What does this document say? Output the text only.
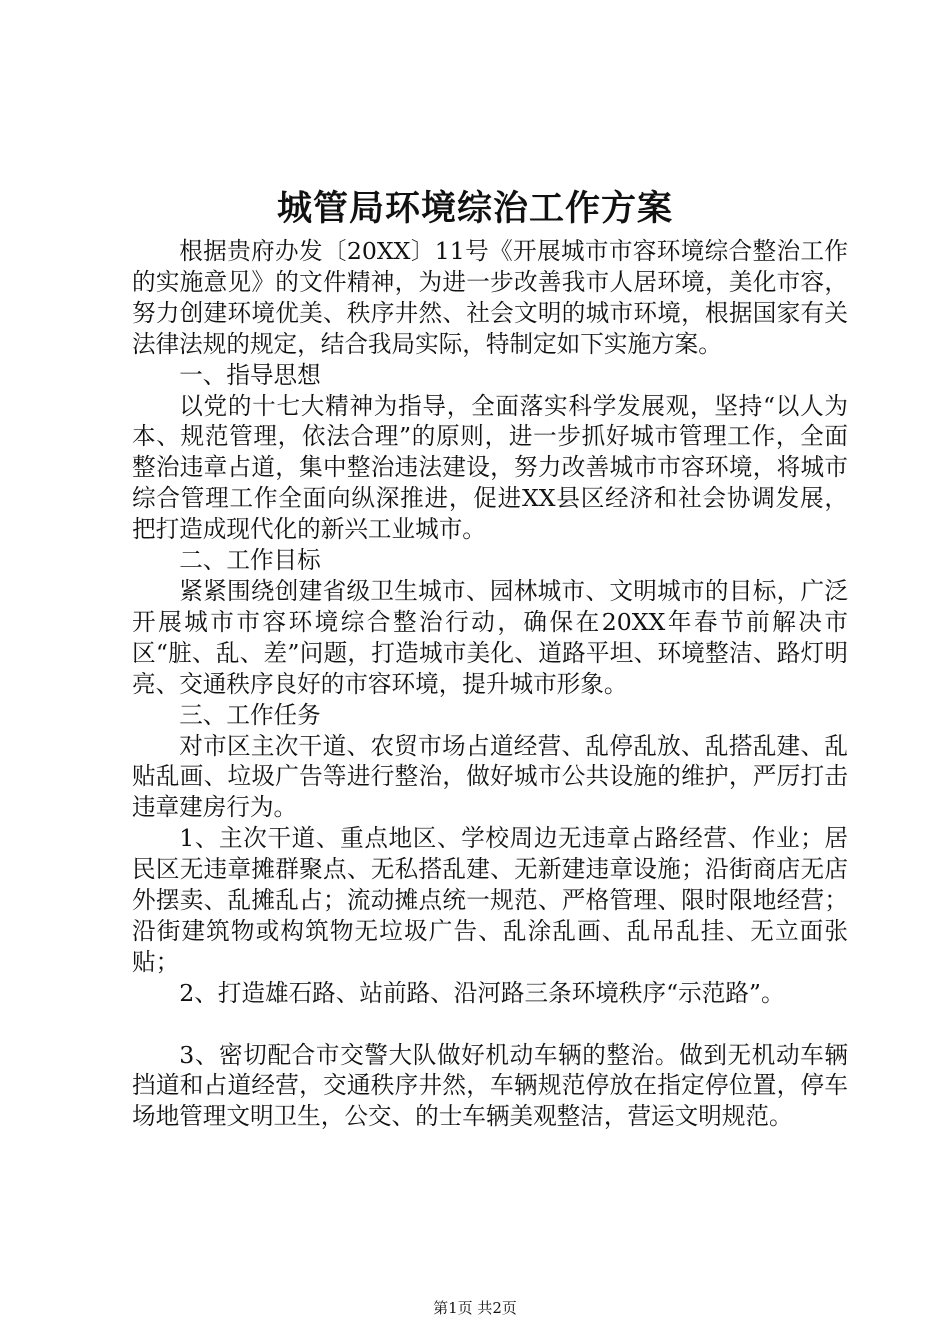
城管局环境综治工作方案

根据贵府办发〔20XX〕11号《开展城市市容环境综合整治工作的实施意见》的文件精神，为进一步改善我市人居环境，美化市容，努力创建环境优美、秩序井然、社会文明的城市环境，根据国家有关法律法规的规定，结合我局实际，特制定如下实施方案。

一、指导思想

以党的十七大精神为指导，全面落实科学发展观，坚持“以人为本、规范管理，依法合理”的原则，进一步抓好城市管理工作，全面整治违章占道，集中整治违法建设，努力改善城市市容环境，将城市综合管理工作全面向纵深推进，促进XX县区经济和社会协调发展，把打造成现代化的新兴工业城市。

二、工作目标

紧紧围绕创建省级卫生城市、园林城市、文明城市的目标，广泛开展城市市容环境综合整治行动，确保在20XX年春节前解决市区“脏、乱、差”问题，打造城市美化、道路平坦、环境整洁、路灯明亮、交通秩序良好的市容环境，提升城市形象。

三、工作任务

对市区主次干道、农贸市场占道经营、乱停乱放、乱搭乱建、乱贴乱画、垃圾广告等进行整治，做好城市公共设施的维护，严厉打击违章建房行为。

1、主次干道、重点地区、学校周边无违章占路经营、作业；居民区无违章摊群聚点、无私搭乱建、无新建违章设施；沿街商店无店外摆卖、乱摊乱占；流动摊点统一规范、严格管理、限时限地经营；沿街建筑物或构筑物无垃圾广告、乱涂乱画、乱吊乱挂、无立面张贴；

2、打造雄石路、站前路、沿河路三条环境秩序“示范路”。

3、密切配合市交警大队做好机动车辆的整治。做到无机动车辆挡道和占道经营，交通秩序井然，车辆规范停放在指定停位置，停车场地管理文明卫生，公交、的士车辆美观整洁，营运文明规范。

第1页 共2页
